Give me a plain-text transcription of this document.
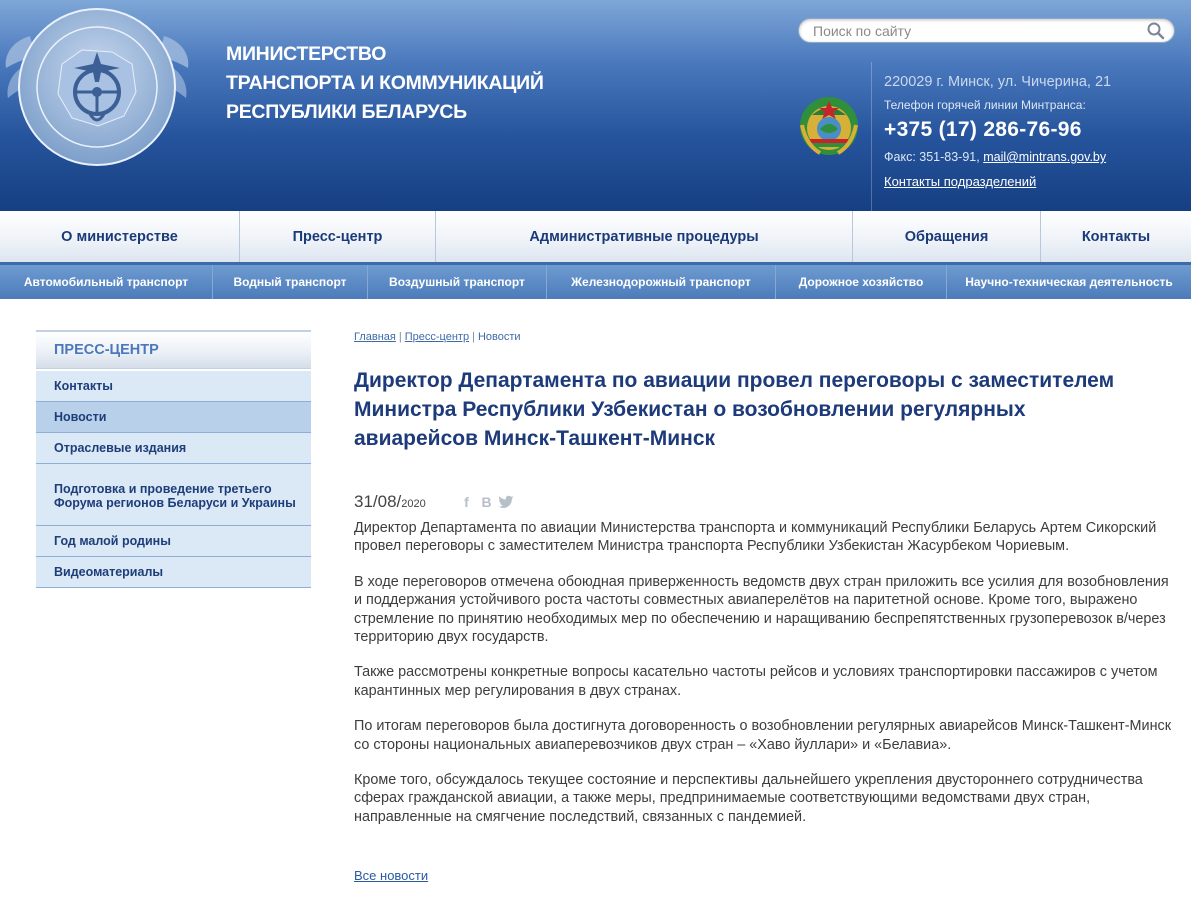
МИНИСТЕРСТВО
ТРАНСПОРТА И КОММУНИКАЦИЙ
РЕСПУБЛИКИ БЕЛАРУСЬ
Поиск по сайту
220029 г. Минск, ул. Чичерина, 21
Телефон горячей линии Минтранса:
+375 (17) 286-76-96
Факс: 351-83-91, mail@mintrans.gov.by
Контакты подразделений
О министерстве	Пресс-центр	Административные процедуры	Обращения	Контакты
Автомобильный транспорт	Водный транспорт	Воздушный транспорт	Железнодорожный транспорт	Дорожное хозяйство	Научно-техническая деятельность
ПРЕСС-ЦЕНТР
Контакты
Новости
Отраслевые издания
Подготовка и проведение третьего Форума регионов Беларуси и Украины
Год малой родины
Видеоматериалы
Главная | Пресс-центр | Новости
Директор Департамента по авиации провел переговоры с заместителем Министра Республики Узбекистан о возобновлении регулярных авиарейсов Минск-Ташкент-Минск
31/08/2020	f В

Директор Департамента по авиации Министерства транспорта и коммуникаций Республики Беларусь Артем Сикорский провел переговоры с заместителем Министра транспорта Республики Узбекистан Жасурбеком Чориевым.

В ходе переговоров отмечена обоюдная приверженность ведомств двух стран приложить все усилия для возобновления и поддержания устойчивого роста частоты совместных авиаперелётов на паритетной основе. Кроме того, выражено стремление по принятию необходимых мер по обеспечению и наращиванию беспрепятственных грузоперевозок в/через территорию двух государств.

Также рассмотрены конкретные вопросы касательно частоты рейсов и условиях транспортировки пассажиров с учетом карантинных мер регулирования в двух странах.

По итогам переговоров была достигнута договоренность о возобновлении регулярных авиарейсов Минск-Ташкент-Минск со стороны национальных авиаперевозчиков двух стран – «Хаво йуллари» и «Белавиа».

Кроме того, обсуждалось текущее состояние и перспективы дальнейшего укрепления двустороннего сотрудничества сферах гражданской авиации, а также меры, предпринимаемые соответствующими ведомствами двух стран, направленные на смягчение последствий, связанных с пандемией.

Все новости
